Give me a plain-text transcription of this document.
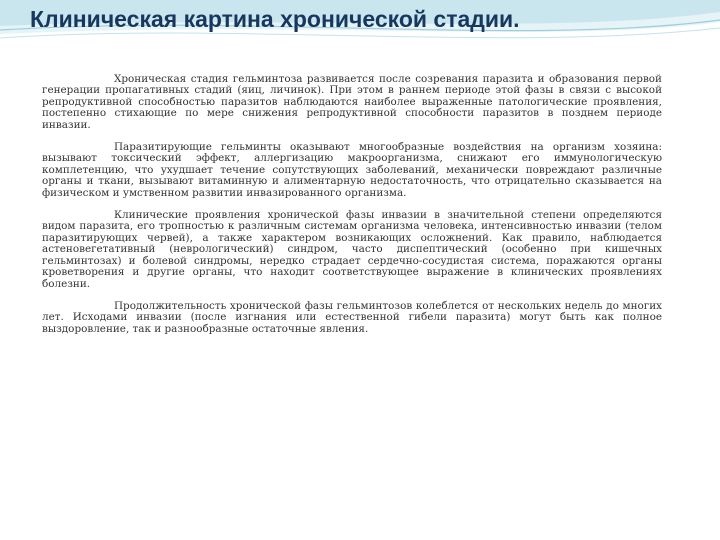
Клиническая картина хронической стадии.

Хроническая стадия гельминтоза развивается после созревания паразита и образования первой генерации пропагативных стадий (яиц, личинок). При этом в раннем периоде этой фазы в связи с высокой репродуктивной способностью паразитов наблюдаются наиболее выраженные патологические проявления, постепенно стихающие по мере снижения репродуктивной способности паразитов в позднем периоде инвазии.

Паразитирующие гельминты оказывают многообразные воздействия на организм хозяина: вызывают токсический эффект, аллергизацию макроорганизма, снижают его иммунологическую комплетенцию, что ухудшает течение сопутствующих заболеваний, механически повреждают различные органы и ткани, вызывают витаминную и алиментарную недостаточность, что отрицательно сказывается на физическом и умственном развитии инвазированного организма.

Клинические проявления хронической фазы инвазии в значительной степени определяются видом паразита, его тропностью к различным системам организма человека, интенсивностью инвазии (телом паразитирующих червей), а также характером возникающих осложнений. Как правило, наблюдается астеновегетативный (неврологический) синдром, часто диспептический (особенно при кишечных гельминтозах) и болевой синдромы, нередко страдает сердечно-сосудистая система, поражаются органы кроветворения и другие органы, что находит соответствующее выражение в клинических проявлениях болезни.

Продолжительность хронической фазы гельминтозов колеблется от нескольких недель до многих лет. Исходами инвазии (после изгнания или естественной гибели паразита) могут быть как полное выздоровление, так и разнообразные остаточные явления.
